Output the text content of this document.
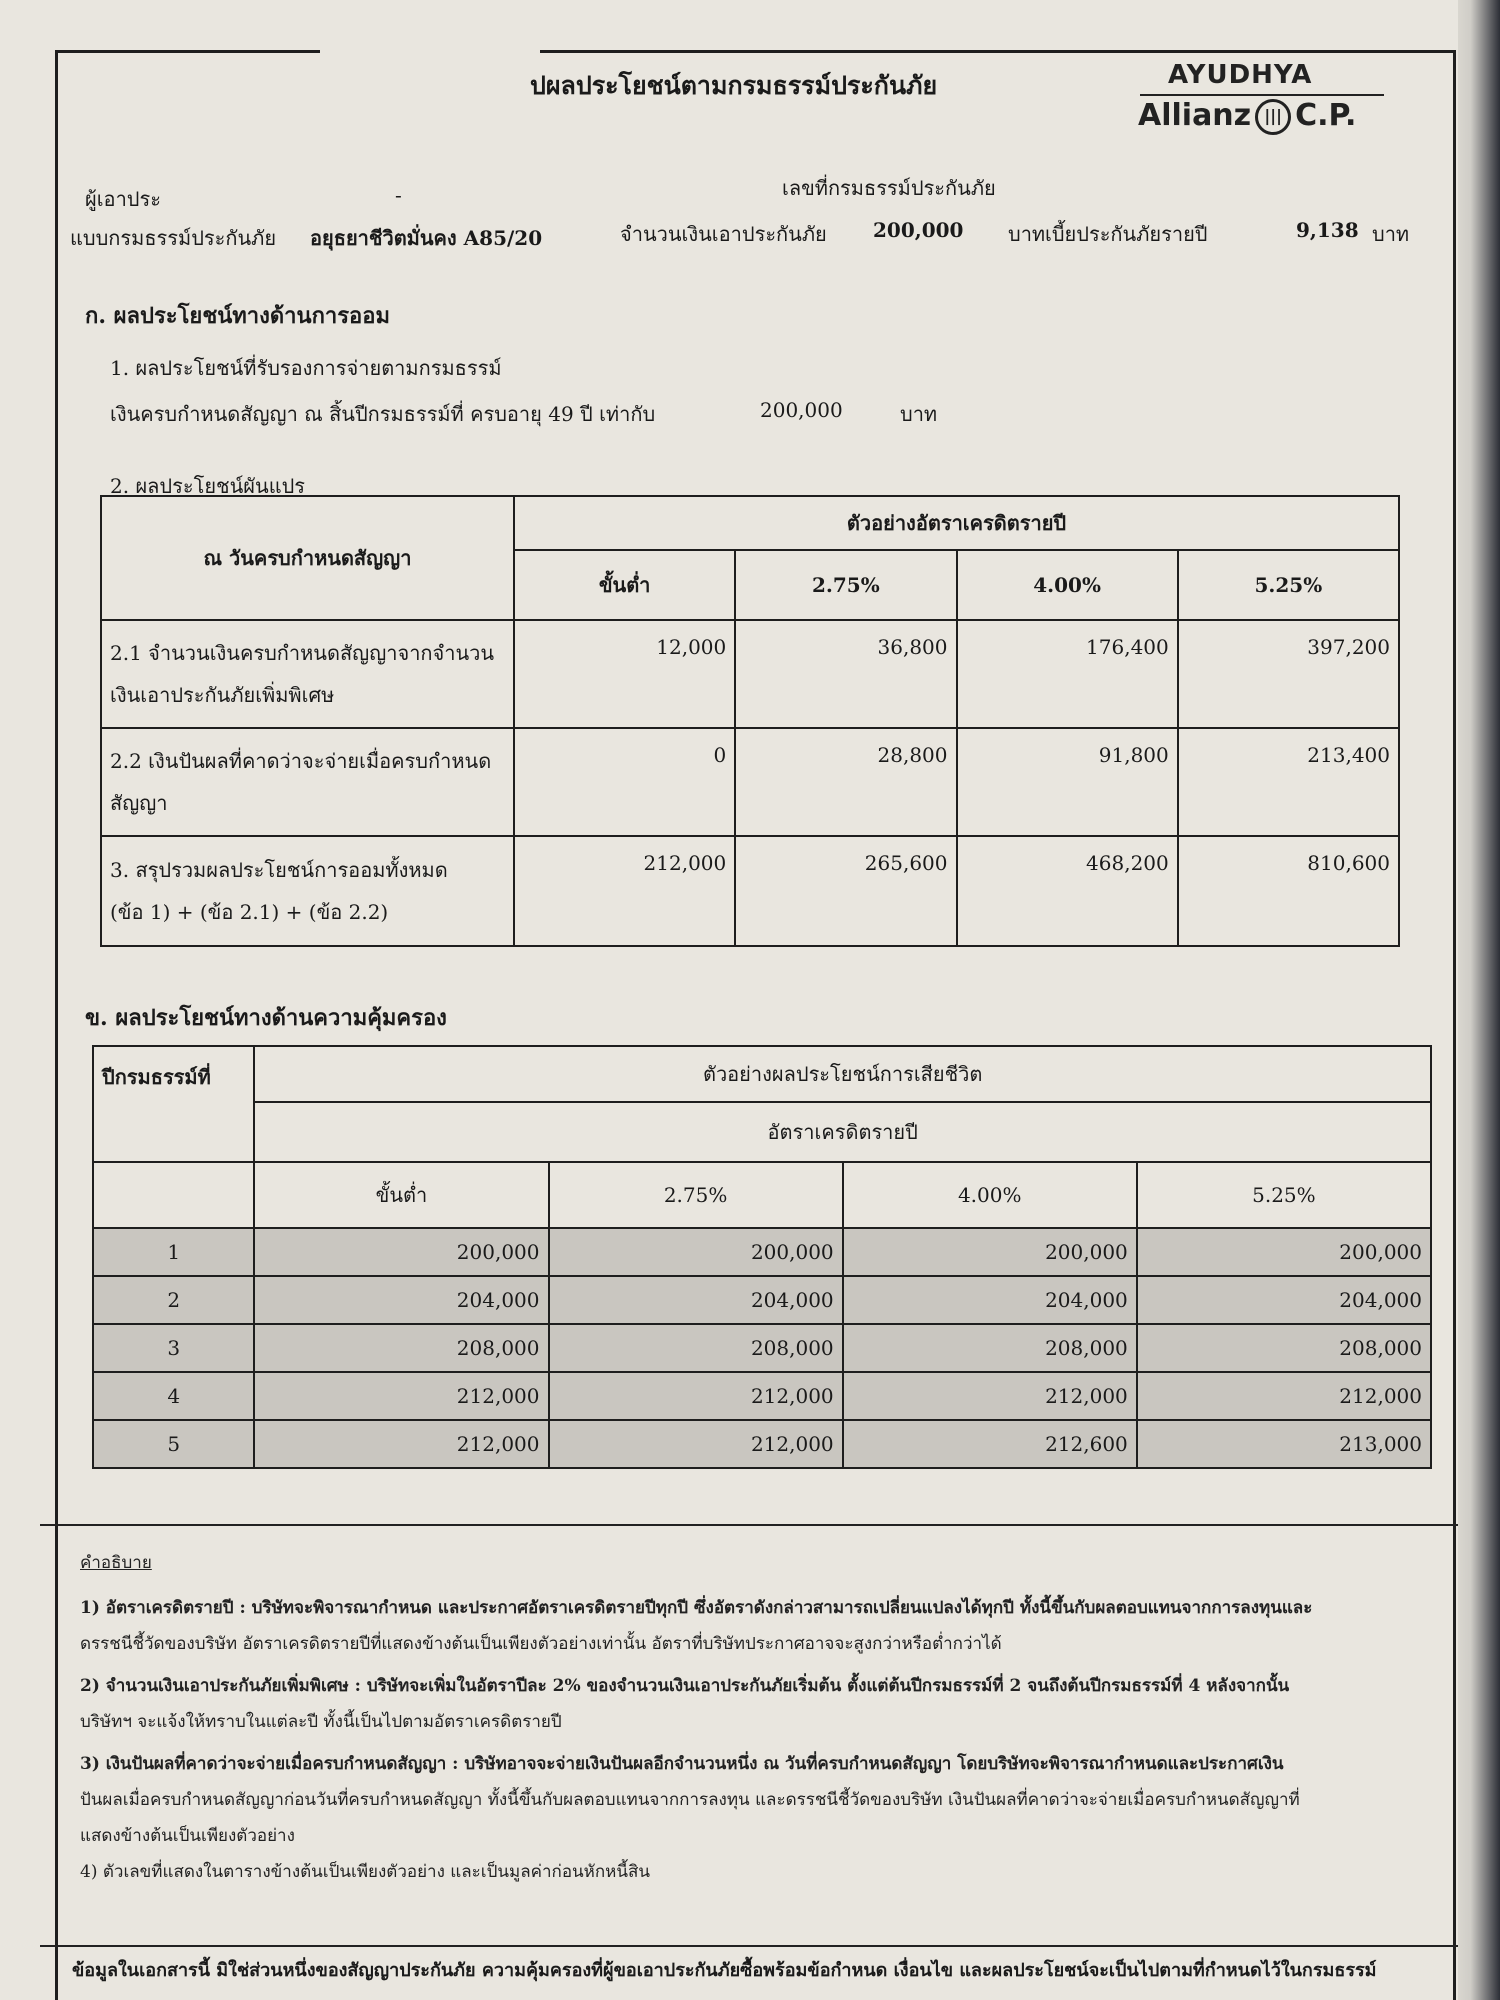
ปผลประโยชน์ตามกรมธรรม์ประกันภัย	AYUDHYA
Allianz ||| C.P.
ผู้เอาประ	-	เลขที่กรมธรรม์ประกันภัย
แบบกรมธรรม์ประกันภัย อยุธยาชีวิตมั่นคง A85/20	จำนวนเงินเอาประกันภัย 200,000 บาท เบี้ยประกันภัยรายปี	9,138 บาท
ก. ผลประโยชน์ทางด้านการออม
1. ผลประโยชน์ที่รับรองการจ่ายตามกรมธรรม์
เงินครบกำหนดสัญญา ณ สิ้นปีกรมธรรม์ที่ ครบอายุ 49 ปี เท่ากับ	200,000	บาท
2. ผลประโยชน์ผันแปร
ณ วันครบกำหนดสัญญา	ตัวอย่างอัตราเครดิตรายปี			
	ขั้นต่ำ	2.75%	4.00%	5.25%
2.1 จำนวนเงินครบกำหนดสัญญาจากจำนวน
เงินเอาประกันภัยเพิ่มพิเศษ	12,000	36,800	176,400	397,200
2.2 เงินปันผลที่คาดว่าจะจ่ายเมื่อครบกำหนด
สัญญา	0	28,800	91,800	213,400
3. สรุปรวมผลประโยชน์การออมทั้งหมด
(ข้อ 1) + (ข้อ 2.1) + (ข้อ 2.2)	212,000	265,600	468,200	810,600
ข. ผลประโยชน์ทางด้านความคุ้มครอง
ปีกรมธรรม์ที่	ตัวอย่างผลประโยชน์การเสียชีวิต			
	อัตราเครดิตรายปี			
	ขั้นต่ำ	2.75%	4.00%	5.25%
1	200,000	200,000	200,000	200,000
2	204,000	204,000	204,000	204,000
3	208,000	208,000	208,000	208,000
4	212,000	212,000	212,000	212,000
5	212,000	212,000	212,600	213,000
คำอธิบาย
1) อัตราเครดิตรายปี : บริษัทจะพิจารณากำหนด และประกาศอัตราเครดิตรายปีทุกปี ซึ่งอัตราดังกล่าวสามารถเปลี่ยนแปลงได้ทุกปี ทั้งนี้ขึ้นกับผลตอบแทนจากการลงทุนและ
ดรรชนีชี้วัดของบริษัท อัตราเครดิตรายปีที่แสดงข้างต้นเป็นเพียงตัวอย่างเท่านั้น อัตราที่บริษัทประกาศอาจจะสูงกว่าหรือต่ำกว่าได้
2) จำนวนเงินเอาประกันภัยเพิ่มพิเศษ : บริษัทจะเพิ่มในอัตราปีละ 2% ของจำนวนเงินเอาประกันภัยเริ่มต้น ตั้งแต่ต้นปีกรมธรรม์ที่ 2 จนถึงต้นปีกรมธรรม์ที่ 4 หลังจากนั้น
บริษัทฯ จะแจ้งให้ทราบในแต่ละปี ทั้งนี้เป็นไปตามอัตราเครดิตรายปี
3) เงินปันผลที่คาดว่าจะจ่ายเมื่อครบกำหนดสัญญา : บริษัทอาจจะจ่ายเงินปันผลอีกจำนวนหนึ่ง ณ วันที่ครบกำหนดสัญญา โดยบริษัทจะพิจารณากำหนดและประกาศเงิน
ปันผลเมื่อครบกำหนดสัญญาก่อนวันที่ครบกำหนดสัญญา ทั้งนี้ขึ้นกับผลตอบแทนจากการลงทุน และดรรชนีชี้วัดของบริษัท เงินปันผลที่คาดว่าจะจ่ายเมื่อครบกำหนดสัญญาที่
แสดงข้างต้นเป็นเพียงตัวอย่าง
4) ตัวเลขที่แสดงในตารางข้างต้นเป็นเพียงตัวอย่าง และเป็นมูลค่าก่อนหักหนี้สิน
ข้อมูลในเอกสารนี้ มิใช่ส่วนหนึ่งของสัญญาประกันภัย ความคุ้มครองที่ผู้ขอเอาประกันภัยซื้อพร้อมข้อกำหนด เงื่อนไข และผลประโยชน์จะเป็นไปตามที่กำหนดไว้ในกรมธรรม์
